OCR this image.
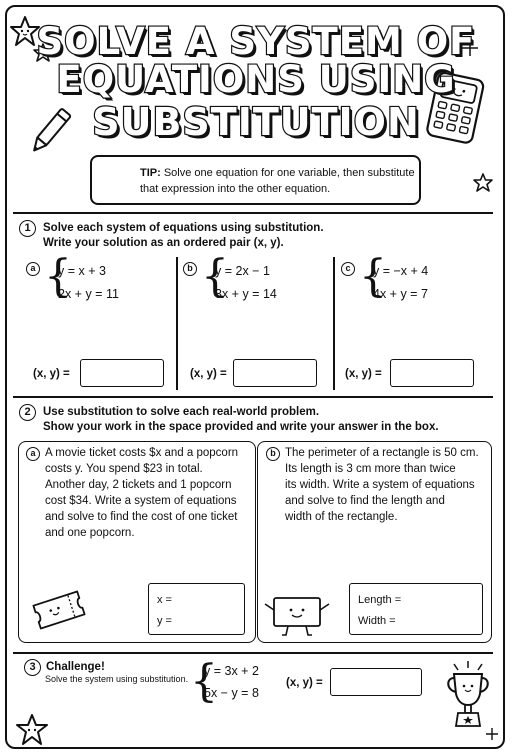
SOLVE A SYSTEM OF
EQUATIONS USING
SUBSTITUTION
TIP: Solve one equation for one variable, then substitute that expression into the other equation.
1	Solve each system of equations using substitution.
Write your solution as an ordered pair (x, y).
a {
y = x + 3
2x + y = 11
(x, y) =
b {
y = 2x − 1
3x + y = 14
(x, y) =
c {
y = −x + 4
4x + y = 7
(x, y) =
2	Use substitution to solve each real-world problem.
Show your work in the space provided and write your answer in the box.
a A movie ticket costs $x and a popcorn
costs y. You spend $23 in total.
Another day, 2 tickets and 1 popcorn
cost $34. Write a system of equations
and solve to find the cost of one ticket
and one popcorn.
x =
y =
b The perimeter of a rectangle is 50 cm.
Its length is 3 cm more than twice
its width. Write a system of equations
and solve to find the length and
width of the rectangle.
Length =
Width =
3 Challenge!
Solve the system using substitution. {
y = 3x + 2
5x − y = 8
(x, y) =
